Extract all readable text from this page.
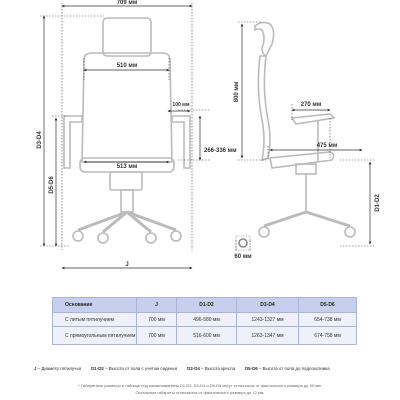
709 мм
510 мм
100 мм
266-336 мм
513 мм
D3-D4
D5-D6
J
800 мм
270 мм
475 мм
D1-D2
60 мм
Основание	J	D1-D2	D3-D4	D5-D6
С литым пятилучием	700 мм	496-580 мм	1243-1327 мм	654-738 мм
С прямоугольным пятилучием	700 мм	516-600 мм	1263-1347 мм	674-758 мм
J – Диаметр пятилучья D1-D2 – Высота от пола с учетом сиденья D3-D4 – Высота кресла D5-D6 – Высота от пола до подлокотника
* Габаритные размеры в таблице под наименованием D1-D2, D3-D4 и D5-D6 могут отличаться от фактического размера до 30 мм.
Остальные габариты отличаются от фактического размера до 12 мм.
